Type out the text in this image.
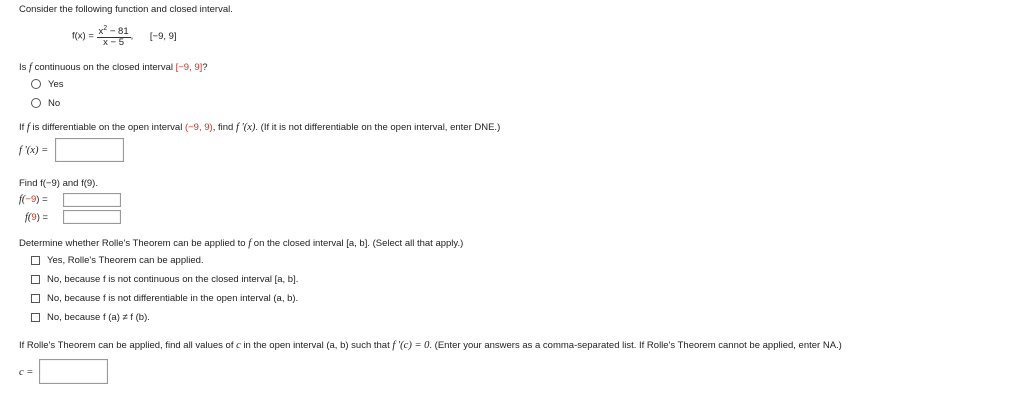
Consider the following function and closed interval.
$f(x) = \frac{x^2 - 81}{x - 5}$ , [−9, 9]
Is f continuous on the closed interval [−9, 9]?
Yes
No
If f is differentiable on the open interval (−9, 9), find f '(x). (If it is not differentiable on the open interval, enter DNE.)
f '(x) =
Find f(−9) and f(9).
f(−9) =
f(9) =
Determine whether Rolle's Theorem can be applied to f on the closed interval [a, b]. (Select all that apply.)
Yes, Rolle's Theorem can be applied.
No, because f is not continuous on the closed interval [a, b].
No, because f is not differentiable in the open interval (a, b).
No, because f (a) ≠ f (b).
If Rolle's Theorem can be applied, find all values of c in the open interval (a, b) such that f '(c) = 0. (Enter your answers as a comma-separated list. If Rolle's Theorem cannot be applied, enter NA.)
c =
